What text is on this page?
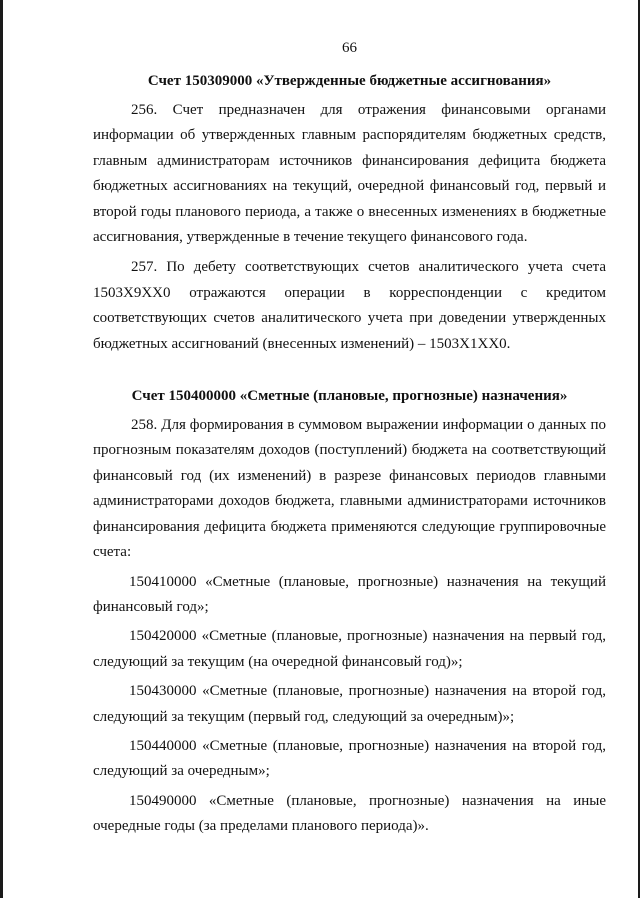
66

Счет 150309000 «Утвержденные бюджетные ассигнования»

256. Счет предназначен для отражения финансовыми органами информации об утвержденных главным распорядителям бюджетных средств, главным администраторам источников финансирования дефицита бюджета бюджетных ассигнованиях на текущий, очередной финансовый год, первый и второй годы планового периода, а также о внесенных изменениях в бюджетные ассигнования, утвержденные в течение текущего финансового года.

257. По дебету соответствующих счетов аналитического учета счета 1503Х9ХХ0 отражаются операции в корреспонденции с кредитом соответствующих счетов аналитического учета при доведении утвержденных бюджетных ассигнований (внесенных изменений) – 1503Х1ХХ0.

Счет 150400000 «Сметные (плановые, прогнозные) назначения»

258. Для формирования в суммовом выражении информации о данных по прогнозным показателям доходов (поступлений) бюджета на соответствующий финансовый год (их изменений) в разрезе финансовых периодов главными администраторами доходов бюджета, главными администраторами источников финансирования дефицита бюджета применяются следующие группировочные счета:

150410000 «Сметные (плановые, прогнозные) назначения на текущий финансовый год»;

150420000 «Сметные (плановые, прогнозные) назначения на первый год, следующий за текущим (на очередной финансовый год)»;

150430000 «Сметные (плановые, прогнозные) назначения на второй год, следующий за текущим (первый год, следующий за очередным)»;

150440000 «Сметные (плановые, прогнозные) назначения на второй год, следующий за очередным»;

150490000 «Сметные (плановые, прогнозные) назначения на иные очередные годы (за пределами планового периода)».
